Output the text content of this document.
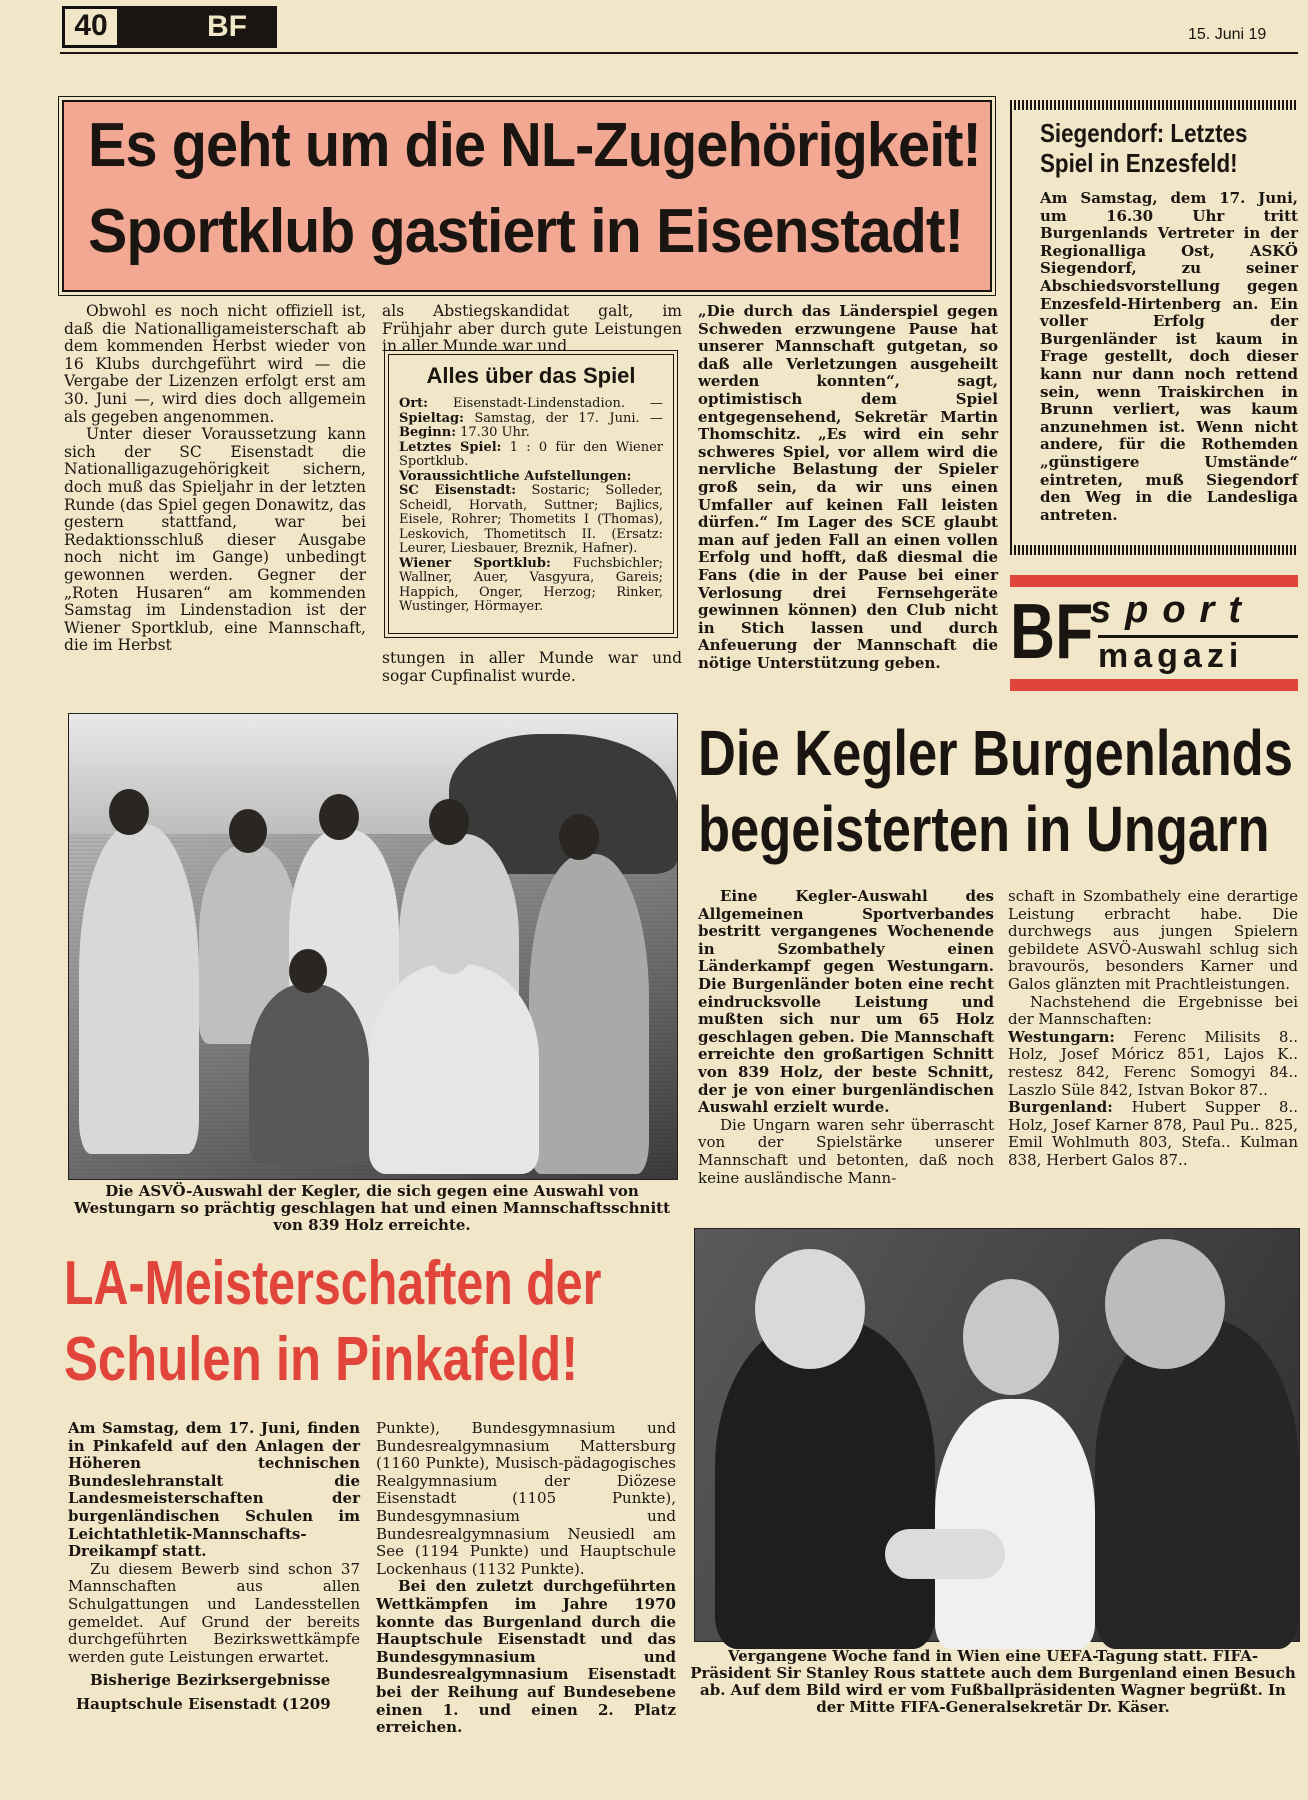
40	BF	15. Juni 19
Es geht um die NL-Zugehörigkeit!
Sportklub gastiert in Eisenstadt!

Obwohl es noch nicht offiziell ist, daß die Nationalligameisterschaft ab dem kommenden Herbst wieder von 16 Klubs durchgeführt wird — die Vergabe der Lizenzen erfolgt erst am 30. Juni —, wird dies doch allgemein als gegeben angenommen.

Unter dieser Voraussetzung kann sich der SC Eisenstadt die Nationalligazugehörigkeit sichern, doch muß das Spieljahr in der letzten Runde (das Spiel gegen Donawitz, das gestern stattfand, war bei Redaktionsschluß dieser Ausgabe noch nicht im Gange) unbedingt gewonnen werden. Gegner der „Roten Husaren“ am kommenden Samstag im Lindenstadion ist der Wiener Sportklub, eine Mannschaft, die im Herbst

als Abstiegskandidat galt, im Frühjahr aber durch gute Leistungen in aller Munde war und
Alles über das Spiel
Ort: Eisenstadt-Lindenstadion. — Spieltag: Samstag, der 17. Juni. — Beginn: 17.30 Uhr.
Letztes Spiel: 1 : 0 für den Wiener Sportklub.
Voraussichtliche Aufstellungen:
SC Eisenstadt: Sostaric; Solleder, Scheidl, Horvath, Suttner; Bajlics, Eisele, Rohrer; Thometits I (Thomas), Leskovich, Thometitsch II. (Ersatz: Leurer, Liesbauer, Breznik, Hafner).
Wiener Sportklub: Fuchsbichler; Wallner, Auer, Vasgyura, Gareis; Happich, Onger, Herzog; Rinker, Wustinger, Hörmayer.
stungen in aller Munde war und sogar Cupfinalist wurde.
„Die durch das Länderspiel gegen Schweden erzwungene Pause hat unserer Mannschaft gutgetan, so daß alle Verletzungen ausgeheilt werden konnten“, sagt, optimistisch dem Spiel entgegensehend, Sekretär Martin Thomschitz. „Es wird ein sehr schweres Spiel, vor allem wird die nervliche Belastung der Spieler groß sein, da wir uns einen Umfaller auf keinen Fall leisten dürfen.“ Im Lager des SCE glaubt man auf jeden Fall an einen vollen Erfolg und hofft, daß diesmal die Fans (die in der Pause bei einer Verlosung drei Fernsehgeräte gewinnen können) den Club nicht in Stich lassen und durch Anfeuerung der Mannschaft die nötige Unterstützung geben.
Siegendorf: Letztes
Spiel in Enzesfeld!
Am Samstag, dem 17. Juni, um 16.30 Uhr tritt Burgenlands Vertreter in der Regionalliga Ost, ASKÖ Siegendorf, zu seiner Abschiedsvorstellung gegen Enzesfeld-Hirtenberg an. Ein voller Erfolg der Burgenländer ist kaum in Frage gestellt, doch dieser kann nur dann noch rettend sein, wenn Traiskirchen in Brunn verliert, was kaum anzunehmen ist. Wenn nicht andere, für die Rothemden „günstigere Umstände“ eintreten, muß Siegendorf den Weg in die Landesliga antreten.
BF
sport
magazi
Die ASVÖ-Auswahl der Kegler, die sich gegen eine Auswahl von Westungarn so prächtig geschlagen hat und einen Mannschaftsschnitt von 839 Holz erreichte.
Die Kegler Burgenlands
begeisterten in Ungarn

Eine Kegler-Auswahl des Allgemeinen Sportverbandes bestritt vergangenes Wochenende in Szombathely einen Länderkampf gegen Westungarn. Die Burgenländer boten eine recht eindrucksvolle Leistung und mußten sich nur um 65 Holz geschlagen geben. Die Mannschaft erreichte den großartigen Schnitt von 839 Holz, der beste Schnitt, der je von einer burgenländischen Auswahl erzielt wurde.

Die Ungarn waren sehr überrascht von der Spielstärke unserer Mannschaft und betonten, daß noch keine ausländische Mann-

schaft in Szombathely eine derartige Leistung erbracht habe. Die durchwegs aus jungen Spielern gebildete ASVÖ-Auswahl schlug sich bravourös, besonders Karner und Galos glänzten mit Prachtleistungen.

Nachstehend die Ergebnisse bei der Mannschaften:

Westungarn: Ferenc Milisits 8.. Holz, Josef Móricz 851, Lajos K.. restesz 842, Ferenc Somogyi 84.. Laszlo Süle 842, Istvan Bokor 87..
Burgenland: Hubert Supper 8.. Holz, Josef Karner 878, Paul Pu.. 825, Emil Wohlmuth 803, Stefa.. Kulman 838, Herbert Galos 87..
LA-Meisterschaften der
Schulen in Pinkafeld!

Am Samstag, dem 17. Juni, finden in Pinkafeld auf den Anlagen der Höheren technischen Bundeslehranstalt die Landesmeisterschaften der burgenländischen Schulen im Leichtathletik-Mannschafts-Dreikampf statt.

Zu diesem Bewerb sind schon 37 Mannschaften aus allen Schulgattungen und Landesstellen gemeldet. Auf Grund der bereits durchgeführten Bezirkswettkämpfe werden gute Leistungen erwartet.

Bisherige Bezirksergebnisse
Hauptschule Eisenstadt (1209

Punkte), Bundesgymnasium und Bundesrealgymnasium Mattersburg (1160 Punkte), Musisch-pädagogisches Realgymnasium der Diözese Eisenstadt (1105 Punkte), Bundesgymnasium und Bundesrealgymnasium Neusiedl am See (1194 Punkte) und Hauptschule Lockenhaus (1132 Punkte).

Bei den zuletzt durchgeführten Wettkämpfen im Jahre 1970 konnte das Burgenland durch die Hauptschule Eisenstadt und das Bundesgymnasium und Bundesrealgymnasium Eisenstadt bei der Reihung auf Bundesebene einen 1. und einen 2. Platz erreichen.

Vergangene Woche fand in Wien eine UEFA-Tagung statt. FIFA-Präsident Sir Stanley Rous stattete auch dem Burgenland einen Besuch ab. Auf dem Bild wird er vom Fußballpräsidenten Wagner begrüßt. In der Mitte FIFA-Generalsekretär Dr. Käser.
